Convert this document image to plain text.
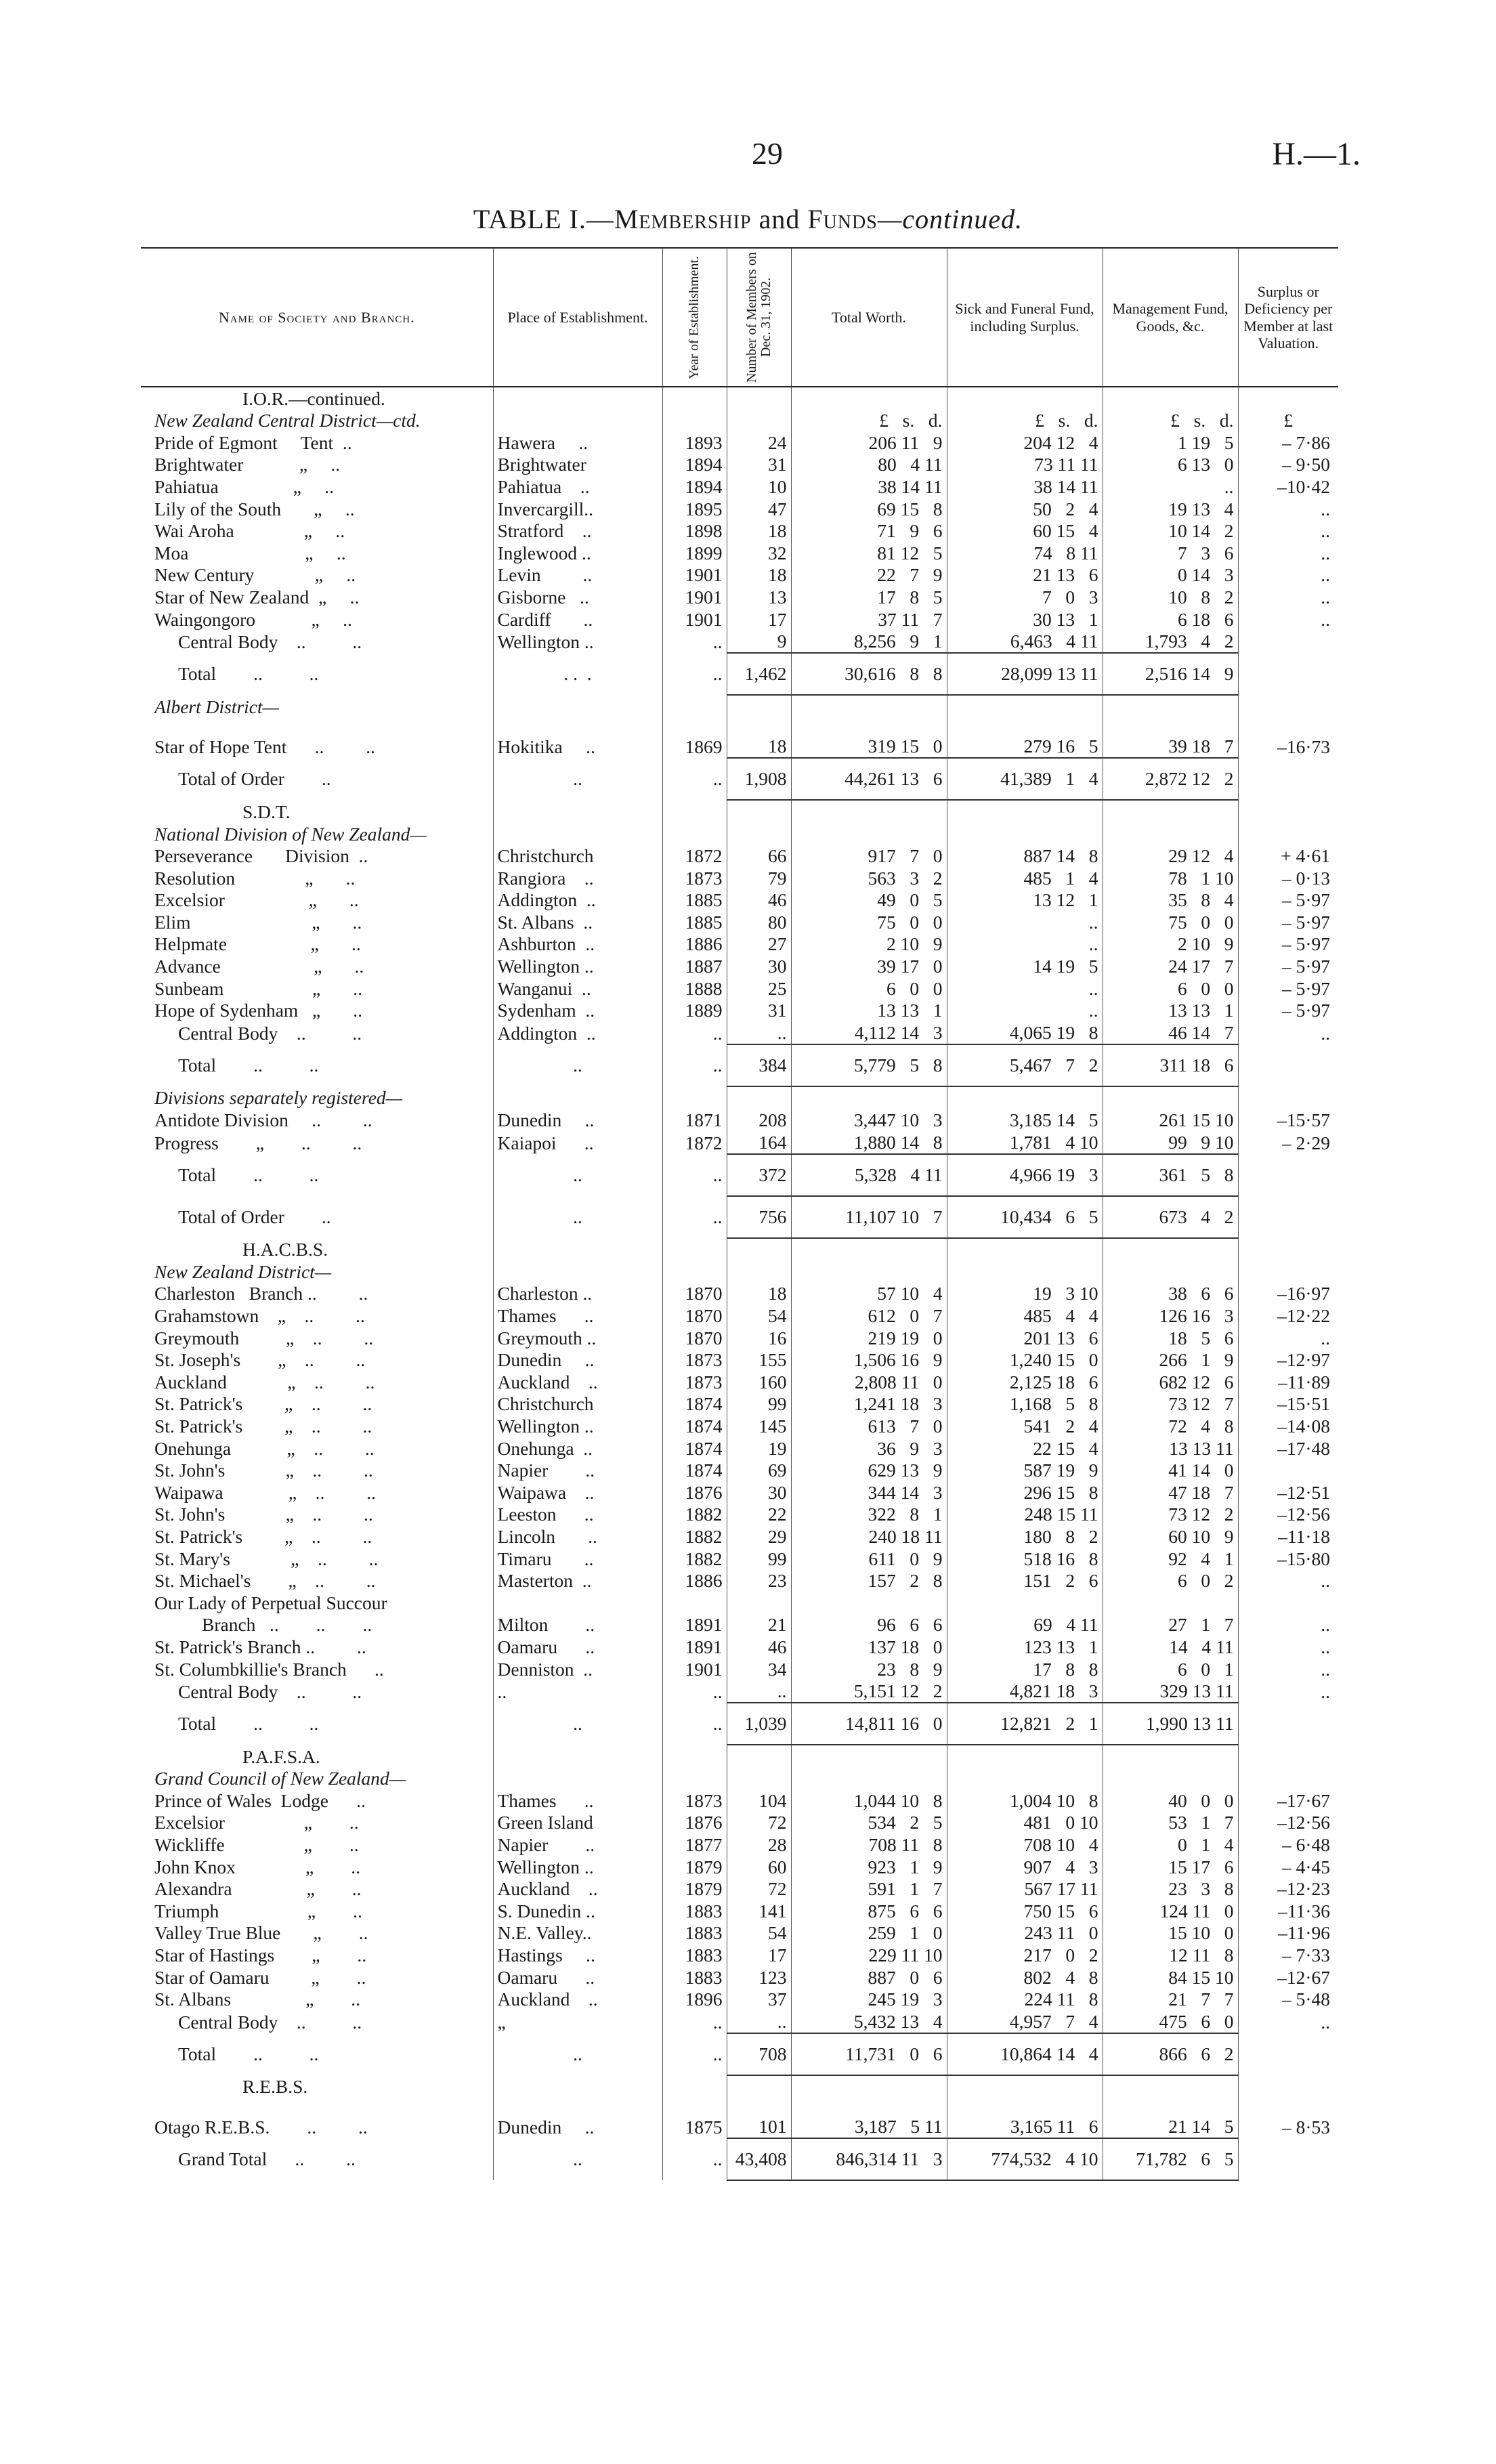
29	H.—1.
TABLE I.—Membership and Funds—continued.
Name of Society and Branch.	Place of Establishment.	Year of Establishment.	Number of Members on Dec. 31, 1902.	Total Worth.	Sick and Funeral Fund, including Surplus.	Management Fund, Goods, &c.	Surplus or Deficiency per Member at last Valuation.
I.O.R.—continued.							
New Zealand Central District—ctd.				£   s.   d.	£   s.   d.	£   s.   d.	£
Pride of Egmont     Tent  ..	Hawera     ..	1893	24	206 11   9	204 12   4	1 19   5	– 7·86
Brightwater            „     ..	Brightwater	1894	31	80   4 11	73 11 11	6 13   0	– 9·50
Pahiatua                „     ..	Pahiatua    ..	1894	10	38 14 11	38 14 11	..	–10·42
Lily of the South       „     ..	Invercargill..	1895	47	69 15   8	50   2   4	19 13   4	..
Wai Aroha               „     ..	Stratford    ..	1898	18	71   9   6	60 15   4	10 14   2	..
Moa                         „     ..	Inglewood ..	1899	32	81 12   5	74   8 11	7   3   6	..
New Century             „     ..	Levin         ..	1901	18	22   7   9	21 13   6	0 14   3	..
Star of New Zealand  „     ..	Gisborne   ..	1901	13	17   8   5	7   0   3	10   8   2	..
Waingongoro            „     ..	Cardiff       ..	1901	17	37 11   7	30 13   1	6 18   6	..
Central Body    ..          ..	Wellington ..	..	9	8,256   9   1	6,463   4 11	1,793   4   2	
Total        ..          ..	. .  .	..	1,462	30,616   8   8	28,099 13 11	2,516 14   9	
Albert District—							

Star of Hope Tent      ..         ..	Hokitika     ..	1869	18	319 15   0	279 16   5	39 18   7	–16·73
Total of Order        ..	..	..	1,908	44,261 13   6	41,389   1   4	2,872 12   2	
S.D.T.							
National Division of New Zealand—							
Perseverance       Division  ..	Christchurch	1872	66	917   7   0	887 14   8	29 12   4	+ 4·61
Resolution               „       ..	Rangiora    ..	1873	79	563   3   2	485   1   4	78   1 10	– 0·13
Excelsior                  „       ..	Addington  ..	1885	46	49   0   5	13 12   1	35   8   4	– 5·97
Elim                          „       ..	St. Albans  ..	1885	80	75   0   0	..	75   0   0	– 5·97
Helpmate                  „       ..	Ashburton  ..	1886	27	2 10   9	..	2 10   9	– 5·97
Advance                    „       ..	Wellington ..	1887	30	39 17   0	14 19   5	24 17   7	– 5·97
Sunbeam                   „       ..	Wanganui  ..	1888	25	6   0   0	..	6   0   0	– 5·97
Hope of Sydenham   „       ..	Sydenham  ..	1889	31	13 13   1	..	13 13   1	– 5·97
Central Body    ..          ..	Addington  ..	..	..	4,112 14   3	4,065 19   8	46 14   7	..
Total        ..          ..	..	..	384	5,779   5   8	5,467   7   2	311 18   6	
Divisions separately registered—							
Antidote Division     ..         ..	Dunedin     ..	1871	208	3,447 10   3	3,185 14   5	261 15 10	–15·57
Progress        „        ..         ..	Kaiapoi      ..	1872	164	1,880 14   8	1,781   4 10	99   9 10	– 2·29
Total        ..          ..	..	..	372	5,328   4 11	4,966 19   3	361   5   8	
Total of Order        ..	..	..	756	11,107 10   7	10,434   6   5	673   4   2	
H.A.C.B.S.							
New Zealand District—							
Charleston   Branch ..         ..	Charleston ..	1870	18	57 10   4	19   3 10	38   6   6	–16·97
Grahamstown    „    ..         ..	Thames      ..	1870	54	612   0   7	485   4   4	126 16   3	–12·22
Greymouth          „    ..         ..	Greymouth ..	1870	16	219 19   0	201 13   6	18   5   6	..
St. Joseph's        „    ..         ..	Dunedin     ..	1873	155	1,506 16   9	1,240 15   0	266   1   9	–12·97
Auckland             „    ..         ..	Auckland    ..	1873	160	2,808 11   0	2,125 18   6	682 12   6	–11·89
St. Patrick's         „    ..         ..	Christchurch	1874	99	1,241 18   3	1,168   5   8	73 12   7	–15·51
St. Patrick's         „    ..         ..	Wellington ..	1874	145	613   7   0	541   2   4	72   4   8	–14·08
Onehunga            „    ..         ..	Onehunga  ..	1874	19	36   9   3	22 15   4	13 13 11	–17·48
St. John's             „    ..         ..	Napier        ..	1874	69	629 13   9	587 19   9	41 14   0	
Waipawa              „    ..         ..	Waipawa    ..	1876	30	344 14   3	296 15   8	47 18   7	–12·51
St. John's             „    ..         ..	Leeston      ..	1882	22	322   8   1	248 15 11	73 12   2	–12·56
St. Patrick's         „    ..         ..	Lincoln       ..	1882	29	240 18 11	180   8   2	60 10   9	–11·18
St. Mary's             „    ..         ..	Timaru       ..	1882	99	611   0   9	518 16   8	92   4   1	–15·80
St. Michael's        „    ..         ..	Masterton  ..	1886	23	157   2   8	151   2   6	6   0   2	..
Our Lady of Perpetual Succour							
Branch   ..        ..        ..	Milton        ..	1891	21	96   6   6	69   4 11	27   1   7	..
St. Patrick's Branch ..         ..	Oamaru      ..	1891	46	137 18   0	123 13   1	14   4 11	..
St. Columbkillie's Branch      ..	Denniston  ..	1901	34	23   8   9	17   8   8	6   0   1	..
Central Body    ..          ..	..	..	..	5,151 12   2	4,821 18   3	329 13 11	..
Total        ..          ..	..	..	1,039	14,811 16   0	12,821   2   1	1,990 13 11	
P.A.F.S.A.							
Grand Council of New Zealand—							
Prince of Wales  Lodge      ..	Thames      ..	1873	104	1,044 10   8	1,004 10   8	40   0   0	–17·67
Excelsior                 „        ..	Green Island	1876	72	534   2   5	481   0 10	53   1   7	–12·56
Wickliffe                 „        ..	Napier        ..	1877	28	708 11   8	708 10   4	0   1   4	– 6·48
John Knox               „        ..	Wellington ..	1879	60	923   1   9	907   4   3	15 17   6	– 4·45
Alexandra                „        ..	Auckland    ..	1879	72	591   1   7	567 17 11	23   3   8	–12·23
Triumph                   „        ..	S. Dunedin ..	1883	141	875   6   6	750 15   6	124 11   0	–11·36
Valley True Blue       „        ..	N.E. Valley..	1883	54	259   1   0	243 11   0	15 10   0	–11·96
Star of Hastings        „        ..	Hastings     ..	1883	17	229 11 10	217   0   2	12 11   8	– 7·33
Star of Oamaru         „        ..	Oamaru      ..	1883	123	887   0   6	802   4   8	84 15 10	–12·67
St. Albans                „        ..	Auckland    ..	1896	37	245 19   3	224 11   8	21   7   7	– 5·48
Central Body    ..          ..	„	..	..	5,432 13   4	4,957   7   4	475   6   0	..
Total        ..          ..	..	..	708	11,731   0   6	10,864 14   4	866   6   2	
R.E.B.S.							

Otago R.E.B.S.        ..         ..	Dunedin     ..	1875	101	3,187   5 11	3,165 11   6	21 14   5	– 8·53
Grand Total      ..         ..	..	..	43,408	846,314 11   3	774,532   4 10	71,782   6   5	
